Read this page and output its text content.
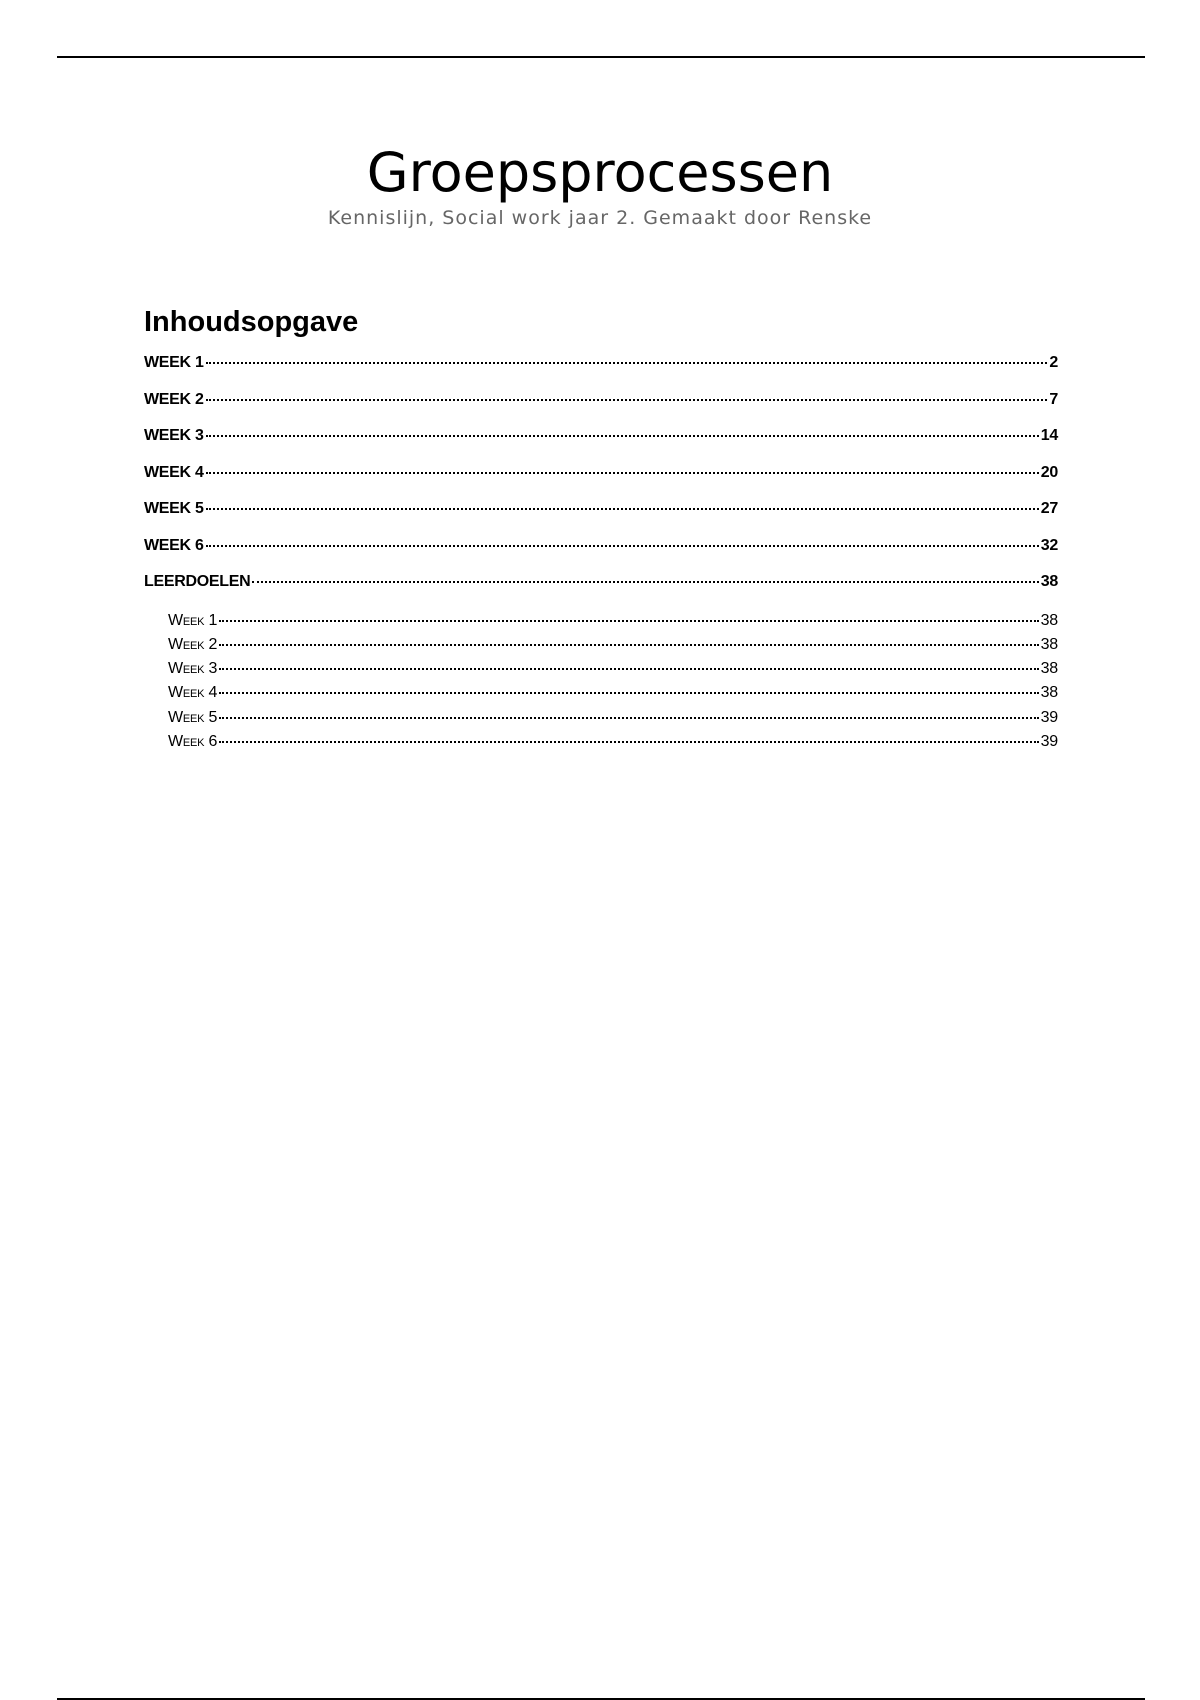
Groepsprocessen
Kennislijn, Social work jaar 2. Gemaakt door Renske
Inhoudsopgave
WEEK 1	2
WEEK 2	7
WEEK 3	14
WEEK 4	20
WEEK 5	27
WEEK 6	32
LEERDOELEN	38
Week 1	38
Week 2	38
Week 3	38
Week 4	38
Week 5	39
Week 6	39
